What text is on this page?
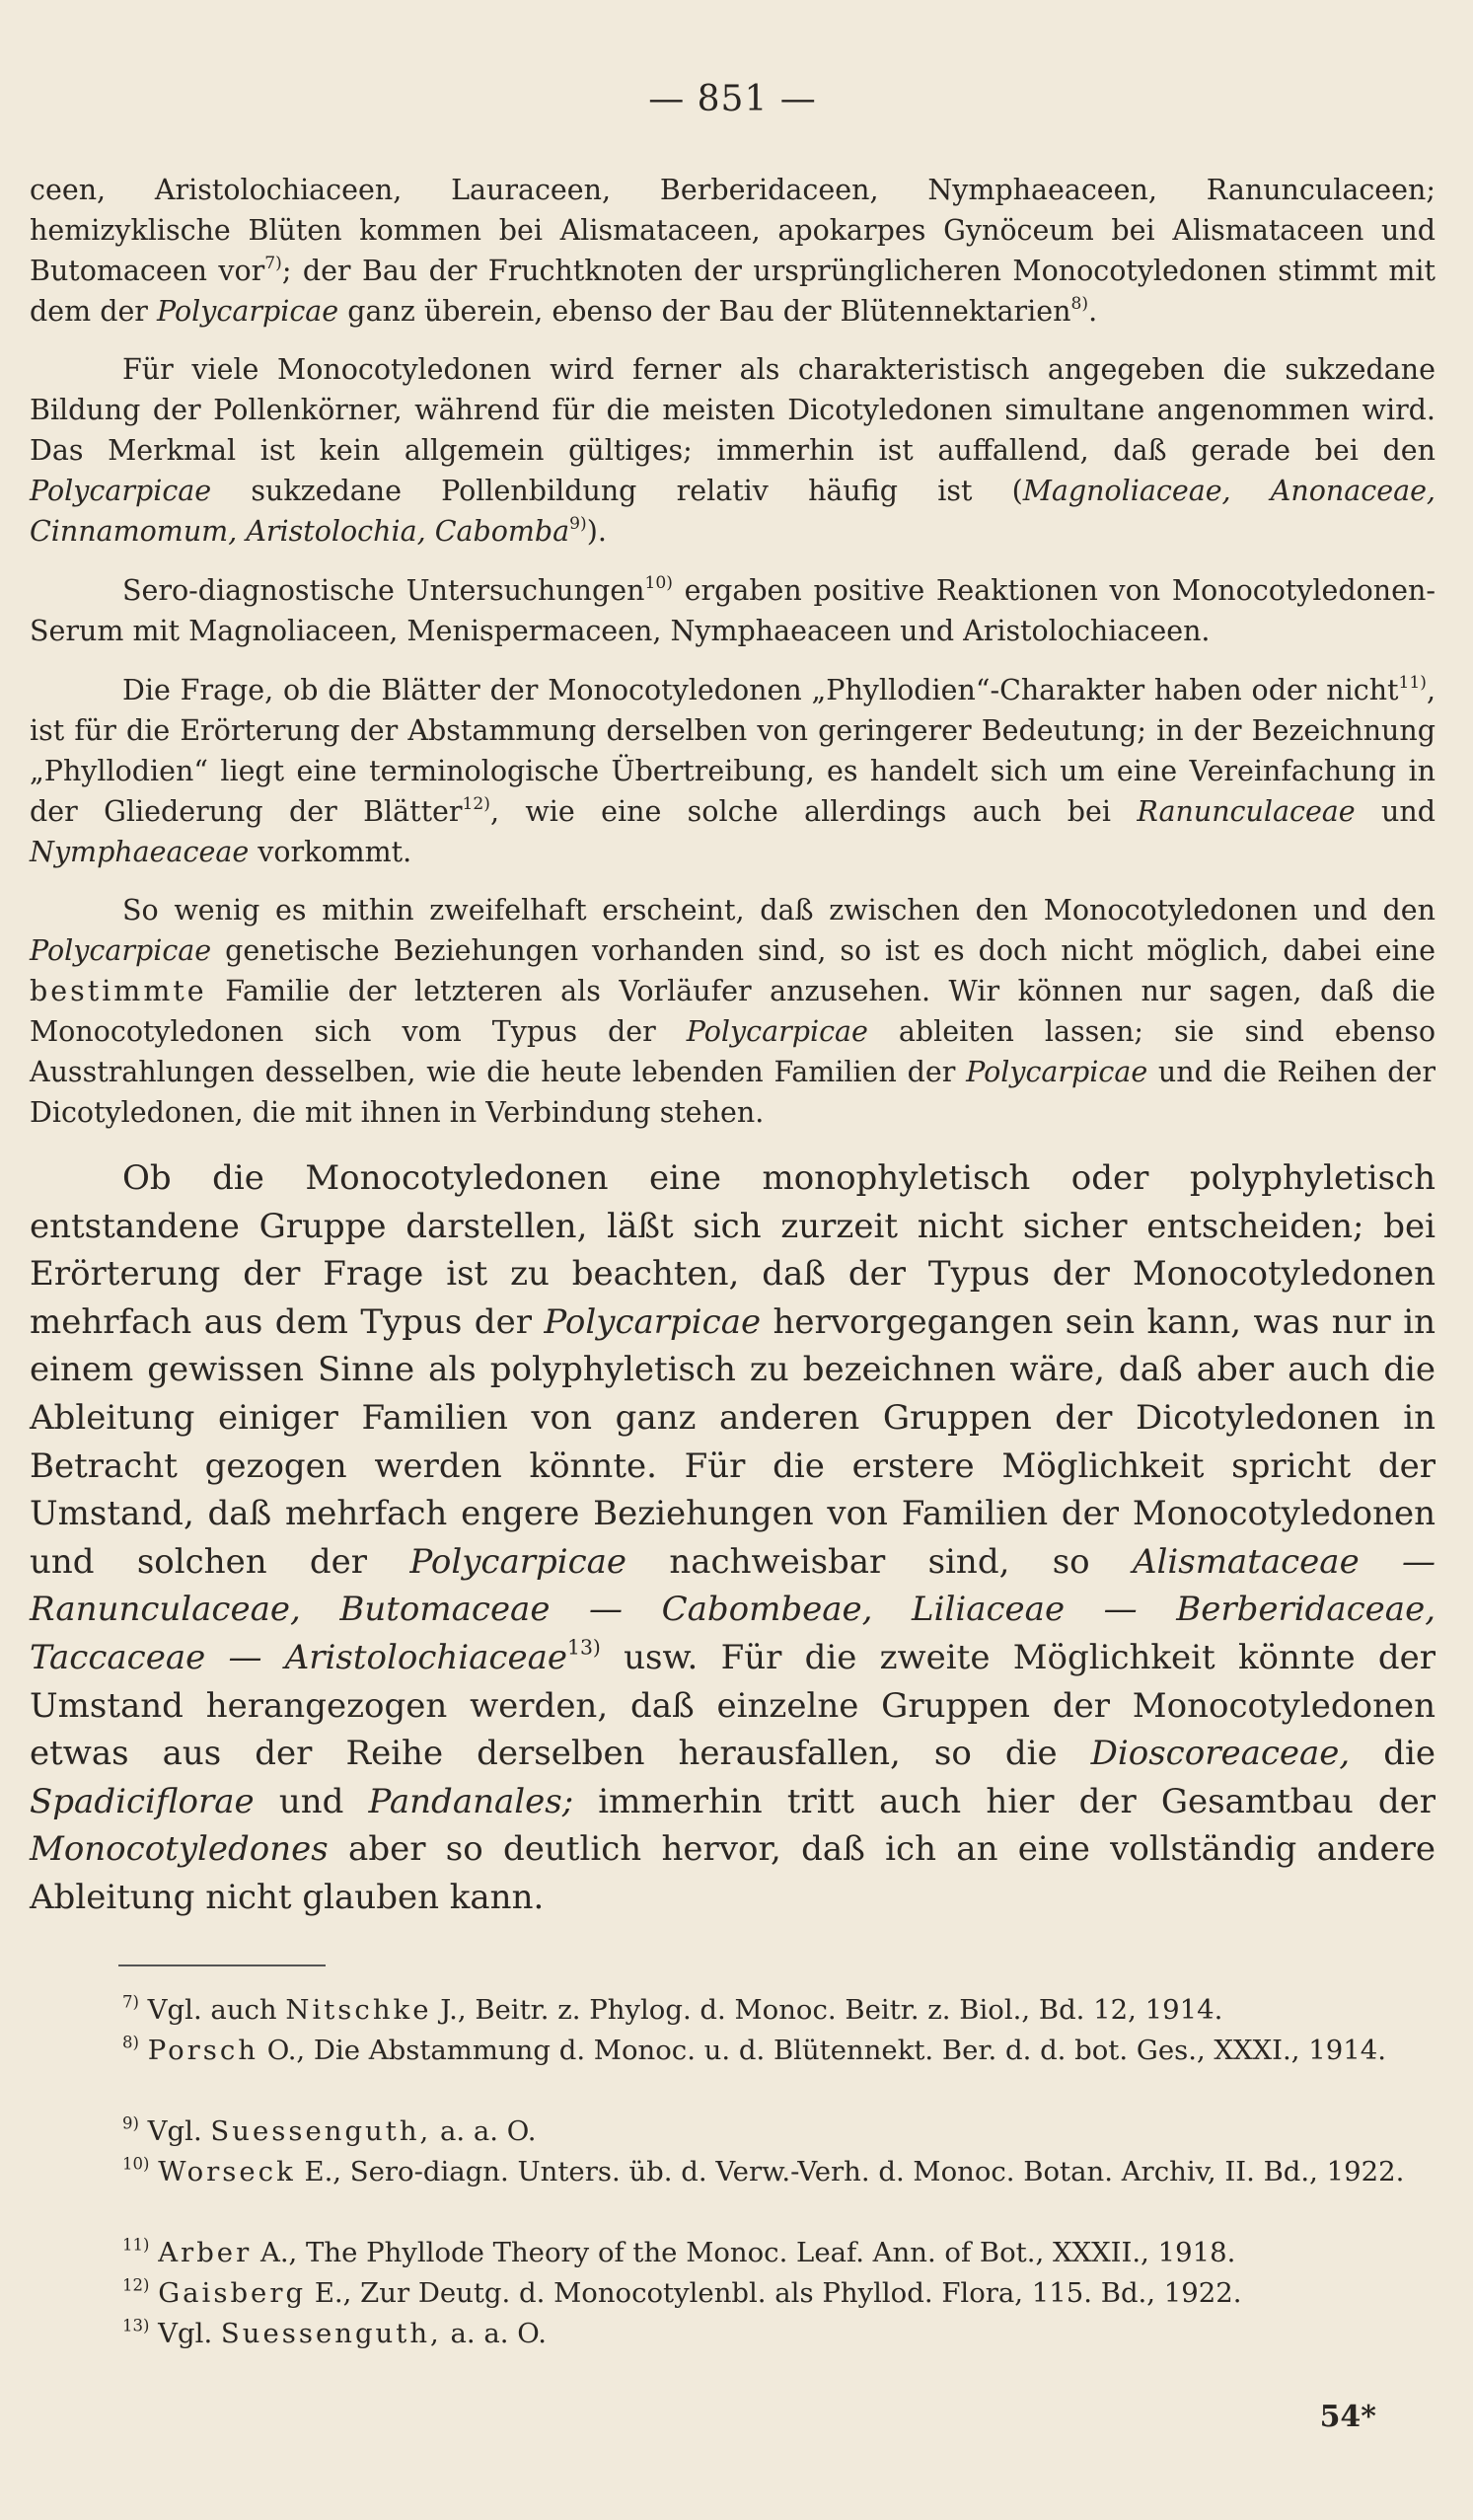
— 851 —

ceen, Aristolochiaceen, Lauraceen, Berberidaceen, Nymphaeaceen, Ranunculaceen; hemizyklische Blüten kommen bei Alismataceen, apokarpes Gynöceum bei Alismataceen und Butomaceen vor$^{7)}$; der Bau der Fruchtknoten der ursprünglicheren Monocotyledonen stimmt mit dem der Polycarpicae ganz überein, ebenso der Bau der Blütennektarien$^{8)}$.

Für viele Monocotyledonen wird ferner als charakteristisch angegeben die sukzedane Bildung der Pollenkörner, während für die meisten Dicotyledonen simultane angenommen wird. Das Merkmal ist kein allgemein gültiges; immerhin ist auffallend, daß gerade bei den Polycarpicae sukzedane Pollenbildung relativ häufig ist (Magnoliaceae, Anonaceae, Cinnamomum, Aristolochia, Cabomba$^{9)}$).

Sero-diagnostische Untersuchungen$^{10)}$ ergaben positive Reaktionen von Monocotyledonen-Serum mit Magnoliaceen, Menispermaceen, Nymphaeaceen und Aristolochiaceen.

Die Frage, ob die Blätter der Monocotyledonen „Phyllodien“-Charakter haben oder nicht$^{11)}$, ist für die Erörterung der Abstammung derselben von geringerer Bedeutung; in der Bezeichnung „Phyllodien“ liegt eine terminologische Übertreibung, es handelt sich um eine Vereinfachung in der Gliederung der Blätter$^{12)}$, wie eine solche allerdings auch bei Ranunculaceae und Nymphaeaceae vorkommt.

So wenig es mithin zweifelhaft erscheint, daß zwischen den Monocotyledonen und den Polycarpicae genetische Beziehungen vorhanden sind, so ist es doch nicht möglich, dabei eine bestimmte Familie der letzteren als Vorläufer anzusehen. Wir können nur sagen, daß die Monocotyledonen sich vom Typus der Polycarpicae ableiten lassen; sie sind ebenso Ausstrahlungen desselben, wie die heute lebenden Familien der Polycarpicae und die Reihen der Dicotyledonen, die mit ihnen in Verbindung stehen.

Ob die Monocotyledonen eine monophyletisch oder polyphyletisch entstandene Gruppe darstellen, läßt sich zurzeit nicht sicher entscheiden; bei Erörterung der Frage ist zu beachten, daß der Typus der Monocotyledonen mehrfach aus dem Typus der Polycarpicae hervorgegangen sein kann, was nur in einem gewissen Sinne als polyphyletisch zu bezeichnen wäre, daß aber auch die Ableitung einiger Familien von ganz anderen Gruppen der Dicotyledonen in Betracht gezogen werden könnte. Für die erstere Möglichkeit spricht der Umstand, daß mehrfach engere Beziehungen von Familien der Monocotyledonen und solchen der Polycarpicae nachweisbar sind, so Alismataceae — Ranunculaceae, Butomaceae — Cabombeae, Liliaceae — Berberidaceae, Taccaceae — Aristolochiaceae$^{13)}$ usw. Für die zweite Möglichkeit könnte der Umstand herangezogen werden, daß einzelne Gruppen der Monocotyledonen etwas aus der Reihe derselben herausfallen, so die Dioscoreaceae, die Spadiciflorae und Pandanales; immerhin tritt auch hier der Gesamtbau der Monocotyledones aber so deutlich hervor, daß ich an eine vollständig andere Ableitung nicht glauben kann.

$^{7)}$ Vgl. auch Nitschke J., Beitr. z. Phylog. d. Monoc. Beitr. z. Biol., Bd. 12, 1914.

$^{8)}$ Porsch O., Die Abstammung d. Monoc. u. d. Blütennekt. Ber. d. d. bot. Ges., XXXI., 1914.

$^{9)}$ Vgl. Suessenguth, a. a. O.

$^{10)}$ Worseck E., Sero-diagn. Unters. üb. d. Verw.-Verh. d. Monoc. Botan. Archiv, II. Bd., 1922.

$^{11)}$ Arber A., The Phyllode Theory of the Monoc. Leaf. Ann. of Bot., XXXII., 1918.

$^{12)}$ Gaisberg E., Zur Deutg. d. Monocotylenbl. als Phyllod. Flora, 115. Bd., 1922.

$^{13)}$ Vgl. Suessenguth, a. a. O.

54*
